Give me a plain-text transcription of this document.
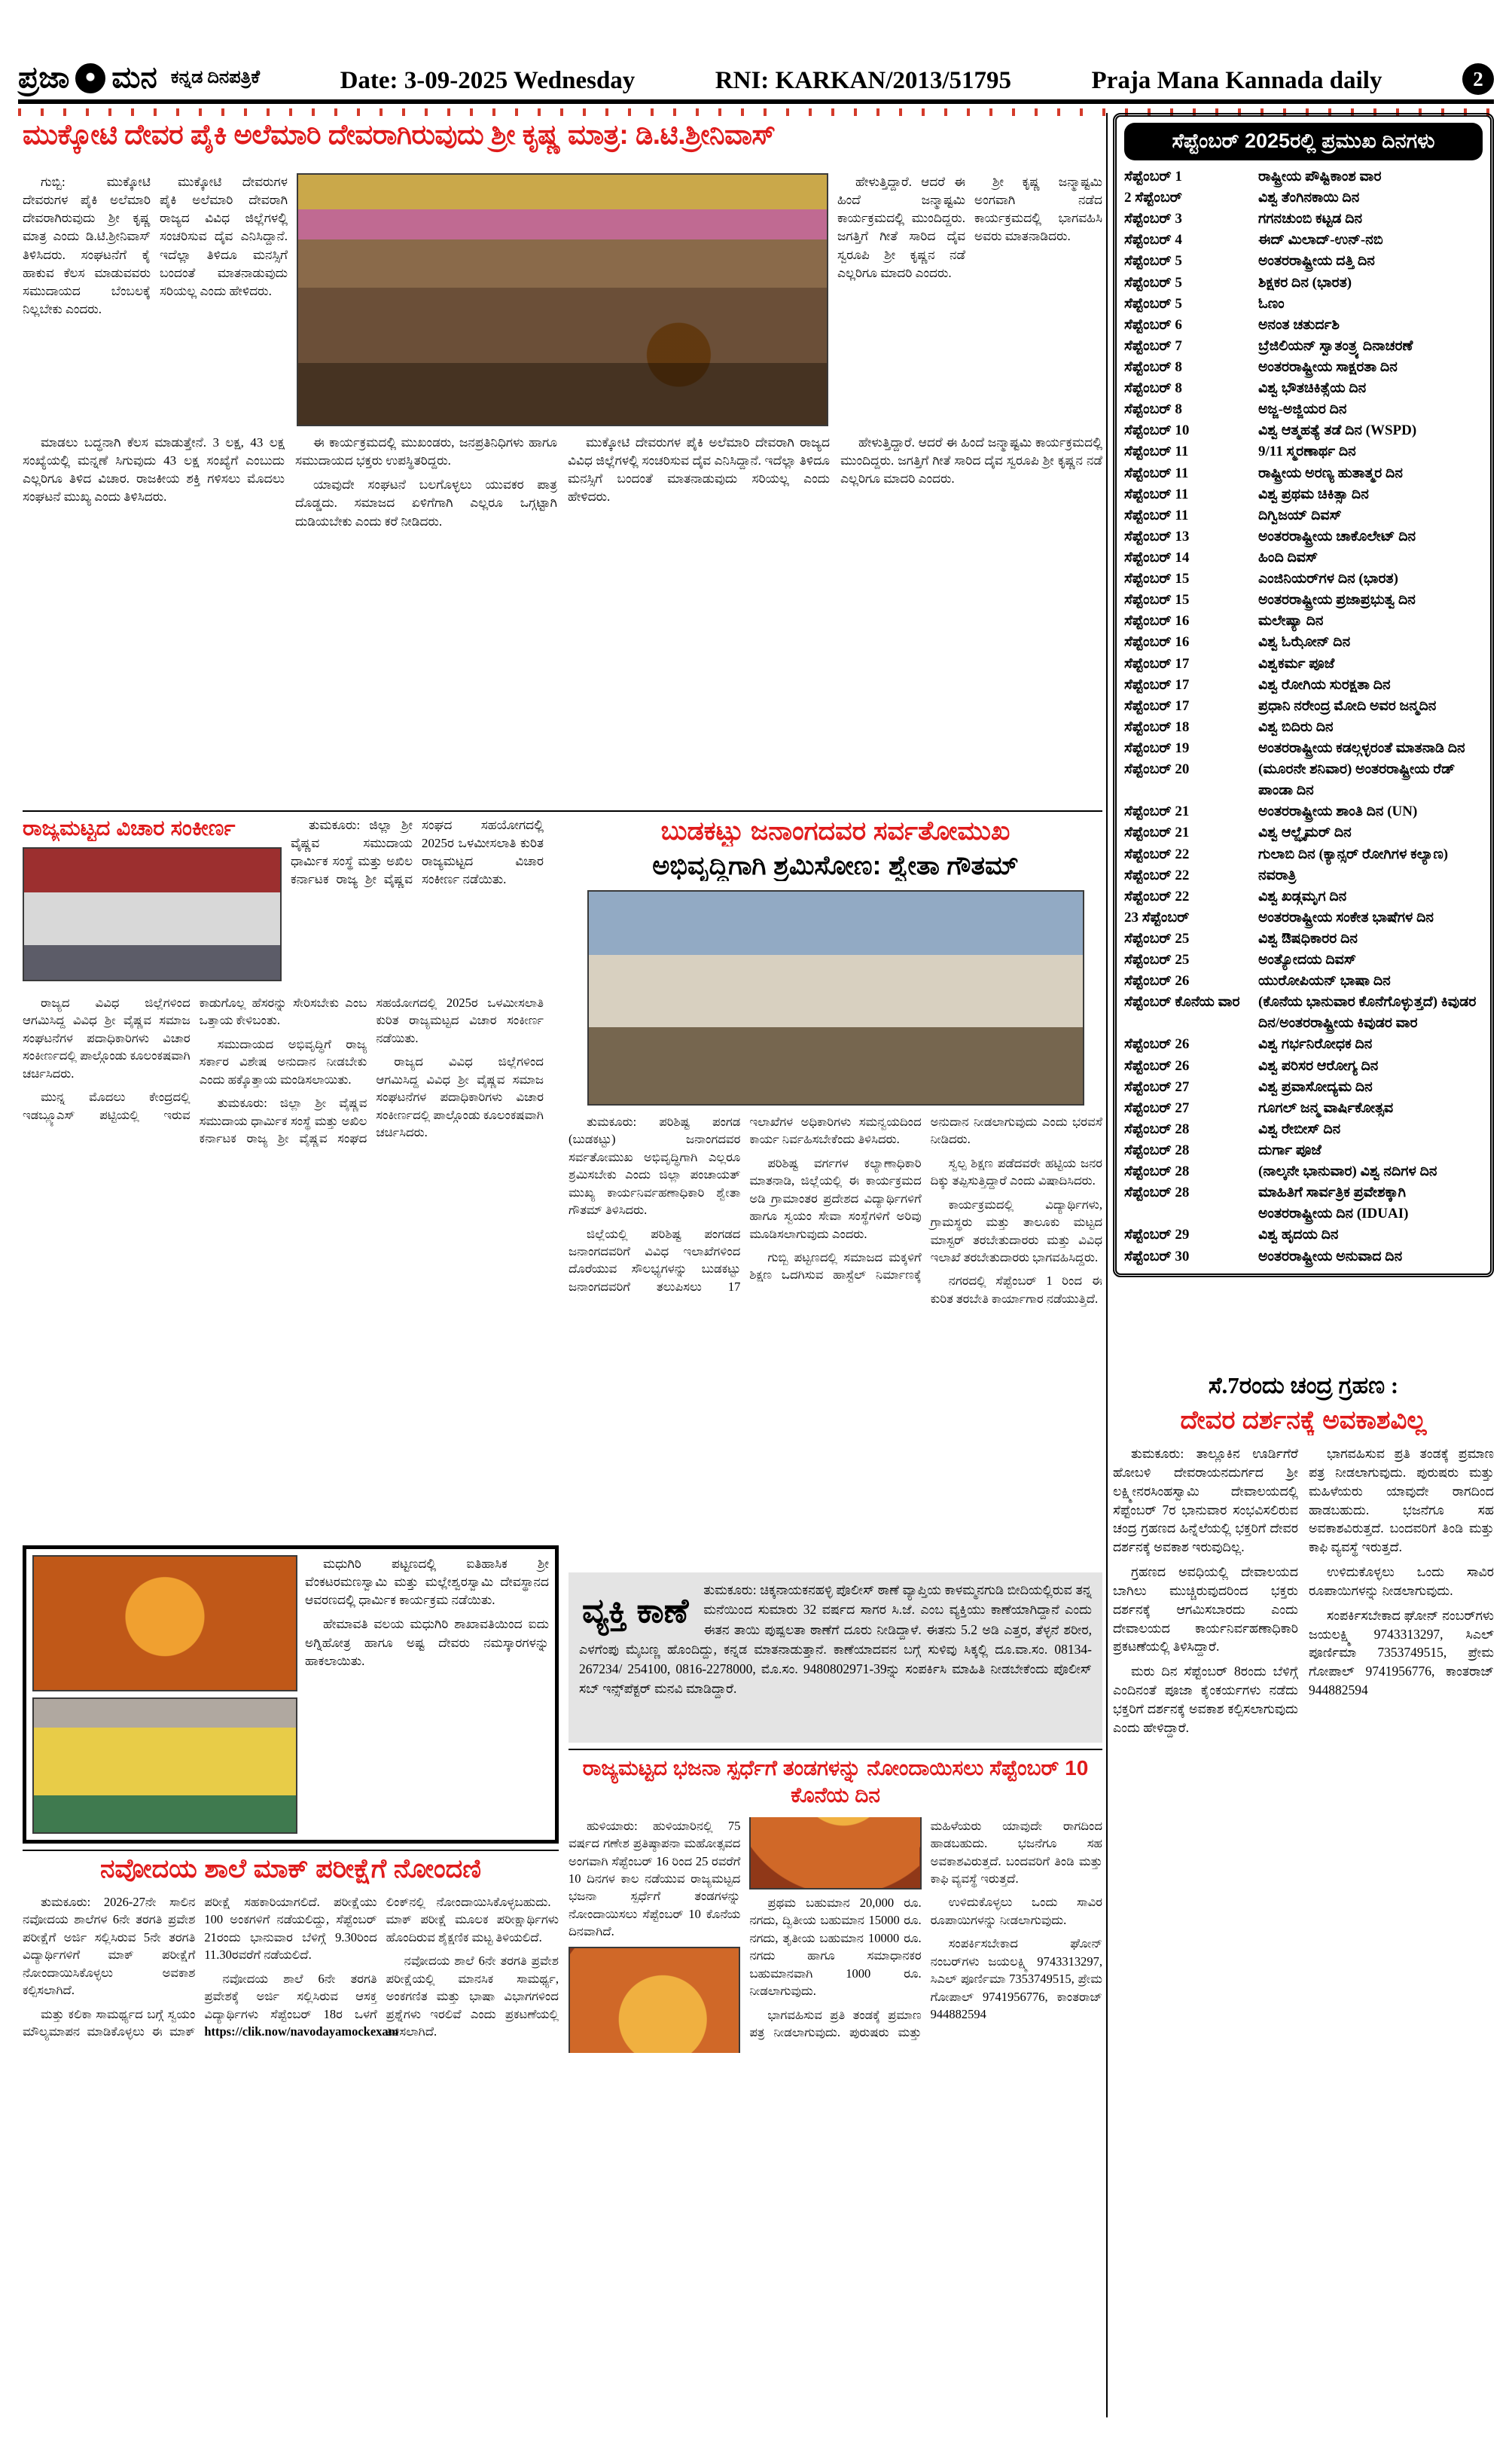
ಪ್ರಜಾ ಮನ ಕನ್ನಡ ದಿನಪತ್ರಿಕೆ	Date: 3-09-2025 Wednesday	RNI: KARKAN/2013/51795	Praja Mana Kannada daily	2
ಮುಕ್ಕೋಟಿ ದೇವರ ಪೈಕಿ ಅಲೆಮಾರಿ ದೇವರಾಗಿರುವುದು ಶ್ರೀ ಕೃಷ್ಣ ಮಾತ್ರ: ಡಿ.ಟಿ.ಶ್ರೀನಿವಾಸ್

ಗುಬ್ಬಿ: ಮುಕ್ಕೋಟಿ ದೇವರುಗಳ ಪೈಕಿ ಅಲೆಮಾರಿ ದೇವರಾಗಿರುವುದು ಶ್ರೀ ಕೃಷ್ಣ ಮಾತ್ರ ಎಂದು ಡಿ.ಟಿ.ಶ್ರೀನಿವಾಸ್ ತಿಳಿಸಿದರು. ಸಂಘಟನೆಗೆ ಕೈ ಹಾಕುವ ಕೆಲಸ ಮಾಡುವವರು ಸಮುದಾಯದ ಬೆಂಬಲಕ್ಕೆ ನಿಲ್ಲಬೇಕು ಎಂದರು.

ಮುಕ್ಕೋಟಿ ದೇವರುಗಳ ಪೈಕಿ ಅಲೆಮಾರಿ ದೇವರಾಗಿ ರಾಜ್ಯದ ವಿವಿಧ ಜಿಲ್ಲೆಗಳಲ್ಲಿ ಸಂಚರಿಸುವ ದೈವ ಎನಿಸಿದ್ದಾನೆ. ಇದೆಲ್ಲಾ ತಿಳಿದೂ ಮನಸ್ಸಿಗೆ ಬಂದಂತೆ ಮಾತನಾಡುವುದು ಸರಿಯಲ್ಲ ಎಂದು ಹೇಳಿದರು.

ಹೇಳುತ್ತಿದ್ದಾರೆ. ಆದರೆ ಈ ಹಿಂದೆ ಜನ್ಮಾಷ್ಟಮಿ ಕಾರ್ಯಕ್ರಮದಲ್ಲಿ ಮುಂದಿದ್ದರು. ಜಗತ್ತಿಗೆ ಗೀತೆ ಸಾರಿದ ದೈವ ಸ್ವರೂಪಿ ಶ್ರೀ ಕೃಷ್ಣನ ನಡೆ ಎಲ್ಲರಿಗೂ ಮಾದರಿ ಎಂದರು.

ಶ್ರೀ ಕೃಷ್ಣ ಜನ್ಮಾಷ್ಟಮಿ ಅಂಗವಾಗಿ ನಡೆದ ಕಾರ್ಯಕ್ರಮದಲ್ಲಿ ಭಾಗವಹಿಸಿ ಅವರು ಮಾತನಾಡಿದರು.

ಮಾಡಲು ಬದ್ಧನಾಗಿ ಕೆಲಸ ಮಾಡುತ್ತೇನೆ. 3 ಲಕ್ಷ, 43 ಲಕ್ಷ ಸಂಖ್ಯೆಯಲ್ಲಿ ಮನ್ನಣೆ ಸಿಗುವುದು 43 ಲಕ್ಷ ಸಂಖ್ಯೆಗೆ ಎಂಬುದು ಎಲ್ಲರಿಗೂ ತಿಳಿದ ವಿಚಾರ. ರಾಜಕೀಯ ಶಕ್ತಿ ಗಳಿಸಲು ಮೊದಲು ಸಂಘಟನೆ ಮುಖ್ಯ ಎಂದು ತಿಳಿಸಿದರು.

ಈ ಕಾರ್ಯಕ್ರಮದಲ್ಲಿ ಮುಖಂಡರು, ಜನಪ್ರತಿನಿಧಿಗಳು ಹಾಗೂ ಸಮುದಾಯದ ಭಕ್ತರು ಉಪಸ್ಥಿತರಿದ್ದರು.

ಯಾವುದೇ ಸಂಘಟನೆ ಬಲಗೊಳ್ಳಲು ಯುವಕರ ಪಾತ್ರ ದೊಡ್ಡದು. ಸಮಾಜದ ಏಳಿಗೆಗಾಗಿ ಎಲ್ಲರೂ ಒಗ್ಗಟ್ಟಾಗಿ ದುಡಿಯಬೇಕು ಎಂದು ಕರೆ ನೀಡಿದರು.

ಮುಕ್ಕೋಟಿ ದೇವರುಗಳ ಪೈಕಿ ಅಲೆಮಾರಿ ದೇವರಾಗಿ ರಾಜ್ಯದ ವಿವಿಧ ಜಿಲ್ಲೆಗಳಲ್ಲಿ ಸಂಚರಿಸುವ ದೈವ ಎನಿಸಿದ್ದಾನೆ. ಇದೆಲ್ಲಾ ತಿಳಿದೂ ಮನಸ್ಸಿಗೆ ಬಂದಂತೆ ಮಾತನಾಡುವುದು ಸರಿಯಲ್ಲ ಎಂದು ಹೇಳಿದರು.

ಹೇಳುತ್ತಿದ್ದಾರೆ. ಆದರೆ ಈ ಹಿಂದೆ ಜನ್ಮಾಷ್ಟಮಿ ಕಾರ್ಯಕ್ರಮದಲ್ಲಿ ಮುಂದಿದ್ದರು. ಜಗತ್ತಿಗೆ ಗೀತೆ ಸಾರಿದ ದೈವ ಸ್ವರೂಪಿ ಶ್ರೀ ಕೃಷ್ಣನ ನಡೆ ಎಲ್ಲರಿಗೂ ಮಾದರಿ ಎಂದರು.

ಸೆಪ್ಟೆಂಬರ್ 2025ರಲ್ಲಿ ಪ್ರಮುಖ ದಿನಗಳು
ಸೆಪ್ಟೆಂಬರ್ 1	ರಾಷ್ಟ್ರೀಯ ಪೌಷ್ಟಿಕಾಂಶ ವಾರ
2 ಸೆಪ್ಟೆಂಬರ್	ವಿಶ್ವ ತೆಂಗಿನಕಾಯಿ ದಿನ
ಸೆಪ್ಟೆಂಬರ್ 3	ಗಗನಚುಂಬಿ ಕಟ್ಟಡ ದಿನ
ಸೆಪ್ಟೆಂಬರ್ 4	ಈದ್ ಮಿಲಾದ್-ಉನ್-ನಬಿ
ಸೆಪ್ಟೆಂಬರ್ 5	ಅಂತರರಾಷ್ಟ್ರೀಯ ದತ್ತಿ ದಿನ
ಸೆಪ್ಟೆಂಬರ್ 5	ಶಿಕ್ಷಕರ ದಿನ (ಭಾರತ)
ಸೆಪ್ಟೆಂಬರ್ 5	ಓಣಂ
ಸೆಪ್ಟೆಂಬರ್ 6	ಅನಂತ ಚತುರ್ದಶಿ
ಸೆಪ್ಟೆಂಬರ್ 7	ಬ್ರೆಜಿಲಿಯನ್ ಸ್ವಾತಂತ್ರ್ಯ ದಿನಾಚರಣೆ
ಸೆಪ್ಟೆಂಬರ್ 8	ಅಂತರರಾಷ್ಟ್ರೀಯ ಸಾಕ್ಷರತಾ ದಿನ
ಸೆಪ್ಟೆಂಬರ್ 8	ವಿಶ್ವ ಭೌತಚಿಕಿತ್ಸೆಯ ದಿನ
ಸೆಪ್ಟೆಂಬರ್ 8	ಅಜ್ಜ-ಅಜ್ಜಿಯರ ದಿನ
ಸೆಪ್ಟೆಂಬರ್ 10	ವಿಶ್ವ ಆತ್ಮಹತ್ಯೆ ತಡೆ ದಿನ (WSPD)
ಸೆಪ್ಟೆಂಬರ್ 11	9/11 ಸ್ಮರಣಾರ್ಥ ದಿನ
ಸೆಪ್ಟೆಂಬರ್ 11	ರಾಷ್ಟ್ರೀಯ ಅರಣ್ಯ ಹುತಾತ್ಮರ ದಿನ
ಸೆಪ್ಟೆಂಬರ್ 11	ವಿಶ್ವ ಪ್ರಥಮ ಚಿಕಿತ್ಸಾ ದಿನ
ಸೆಪ್ಟೆಂಬರ್ 11	ದಿಗ್ವಿಜಯ್ ದಿವಸ್
ಸೆಪ್ಟೆಂಬರ್ 13	ಅಂತರರಾಷ್ಟ್ರೀಯ ಚಾಕೊಲೇಟ್ ದಿನ
ಸೆಪ್ಟೆಂಬರ್ 14	ಹಿಂದಿ ದಿವಸ್
ಸೆಪ್ಟೆಂಬರ್ 15	ಎಂಜಿನಿಯರ್‌ಗಳ ದಿನ (ಭಾರತ)
ಸೆಪ್ಟೆಂಬರ್ 15	ಅಂತರರಾಷ್ಟ್ರೀಯ ಪ್ರಜಾಪ್ರಭುತ್ವ ದಿನ
ಸೆಪ್ಟೆಂಬರ್ 16	ಮಲೇಷ್ಯಾ ದಿನ
ಸೆಪ್ಟೆಂಬರ್ 16	ವಿಶ್ವ ಓಝೋನ್ ದಿನ
ಸೆಪ್ಟೆಂಬರ್ 17	ವಿಶ್ವಕರ್ಮ ಪೂಜೆ
ಸೆಪ್ಟೆಂಬರ್ 17	ವಿಶ್ವ ರೋಗಿಯ ಸುರಕ್ಷತಾ ದಿನ
ಸೆಪ್ಟೆಂಬರ್ 17	ಪ್ರಧಾನಿ ನರೇಂದ್ರ ಮೋದಿ ಅವರ ಜನ್ಮದಿನ
ಸೆಪ್ಟೆಂಬರ್ 18	ವಿಶ್ವ ಬಿದಿರು ದಿನ
ಸೆಪ್ಟೆಂಬರ್ 19	ಅಂತರರಾಷ್ಟ್ರೀಯ ಕಡಲ್ಗಳ್ಳರಂತೆ ಮಾತನಾಡಿ ದಿನ
ಸೆಪ್ಟೆಂಬರ್ 20	(ಮೂರನೇ ಶನಿವಾರ) ಅಂತರರಾಷ್ಟ್ರೀಯ ರೆಡ್ ಪಾಂಡಾ ದಿನ
ಸೆಪ್ಟೆಂಬರ್ 21	ಅಂತರರಾಷ್ಟ್ರೀಯ ಶಾಂತಿ ದಿನ (UN)
ಸೆಪ್ಟೆಂಬರ್ 21	ವಿಶ್ವ ಆಲ್ಝೈಮರ್ ದಿನ
ಸೆಪ್ಟೆಂಬರ್ 22	ಗುಲಾಬಿ ದಿನ (ಕ್ಯಾನ್ಸರ್ ರೋಗಿಗಳ ಕಲ್ಯಾಣ)
ಸೆಪ್ಟೆಂಬರ್ 22	ನವರಾತ್ರಿ
ಸೆಪ್ಟೆಂಬರ್ 22	ವಿಶ್ವ ಖಡ್ಗಮೃಗ ದಿನ
23 ಸೆಪ್ಟೆಂಬರ್	ಅಂತರರಾಷ್ಟ್ರೀಯ ಸಂಕೇತ ಭಾಷೆಗಳ ದಿನ
ಸೆಪ್ಟೆಂಬರ್ 25	ವಿಶ್ವ ಔಷಧಿಕಾರರ ದಿನ
ಸೆಪ್ಟೆಂಬರ್ 25	ಅಂತ್ಯೋದಯ ದಿವಸ್
ಸೆಪ್ಟೆಂಬರ್ 26	ಯುರೋಪಿಯನ್ ಭಾಷಾ ದಿನ
ಸೆಪ್ಟೆಂಬರ್ ಕೊನೆಯ ವಾರ	(ಕೊನೆಯ ಭಾನುವಾರ ಕೊನೆಗೊಳ್ಳುತ್ತದೆ) ಕಿವುಡರ ದಿನ/ಅಂತರರಾಷ್ಟ್ರೀಯ ಕಿವುಡರ ವಾರ
ಸೆಪ್ಟೆಂಬರ್ 26	ವಿಶ್ವ ಗರ್ಭನಿರೋಧಕ ದಿನ
ಸೆಪ್ಟೆಂಬರ್ 26	ವಿಶ್ವ ಪರಿಸರ ಆರೋಗ್ಯ ದಿನ
ಸೆಪ್ಟೆಂಬರ್ 27	ವಿಶ್ವ ಪ್ರವಾಸೋದ್ಯಮ ದಿನ
ಸೆಪ್ಟೆಂಬರ್ 27	ಗೂಗಲ್ ಜನ್ಮ ವಾರ್ಷಿಕೋತ್ಸವ
ಸೆಪ್ಟೆಂಬರ್ 28	ವಿಶ್ವ ರೇಬೀಸ್ ದಿನ
ಸೆಪ್ಟೆಂಬರ್ 28	ದುರ್ಗಾ ಪೂಜೆ
ಸೆಪ್ಟೆಂಬರ್ 28	(ನಾಲ್ಕನೇ ಭಾನುವಾರ) ವಿಶ್ವ ನದಿಗಳ ದಿನ
ಸೆಪ್ಟೆಂಬರ್ 28	ಮಾಹಿತಿಗೆ ಸಾರ್ವತ್ರಿಕ ಪ್ರವೇಶಕ್ಕಾಗಿ ಅಂತರರಾಷ್ಟ್ರೀಯ ದಿನ (IDUAI)
ಸೆಪ್ಟೆಂಬರ್ 29	ವಿಶ್ವ ಹೃದಯ ದಿನ
ಸೆಪ್ಟೆಂಬರ್ 30	ಅಂತರರಾಷ್ಟ್ರೀಯ ಅನುವಾದ ದಿನ
ರಾಜ್ಯಮಟ್ಟದ ವಿಚಾರ ಸಂಕೀರ್ಣ	ತುಮಕೂರು: ಜಿಲ್ಲಾ ಶ್ರೀ ವೈಷ್ಣವ ಸಮುದಾಯ ಧಾರ್ಮಿಕ ಸಂಸ್ಥೆ ಮತ್ತು ಅಖಿಲ ಕರ್ನಾಟಕ ರಾಜ್ಯ ಶ್ರೀ ವೈಷ್ಣವ ಸಂಘದ ಸಹಯೋಗದಲ್ಲಿ 2025ರ ಒಳಮೀಸಲಾತಿ ಕುರಿತ ರಾಜ್ಯಮಟ್ಟದ ವಿಚಾರ ಸಂಕೀರ್ಣ ನಡೆಯಿತು.

ರಾಜ್ಯದ ವಿವಿಧ ಜಿಲ್ಲೆಗಳಿಂದ ಆಗಮಿಸಿದ್ದ ವಿವಿಧ ಶ್ರೀ ವೈಷ್ಣವ ಸಮಾಜ ಸಂಘಟನೆಗಳ ಪದಾಧಿಕಾರಿಗಳು ವಿಚಾರ ಸಂಕೀರ್ಣದಲ್ಲಿ ಪಾಲ್ಗೊಂಡು ಕೂಲಂಕಷವಾಗಿ ಚರ್ಚಿಸಿದರು.

ಮುನ್ನ ಮೊದಲು ಕೇಂದ್ರದಲ್ಲಿ ಇಡಬ್ಲ್ಯೂಎಸ್ ಪಟ್ಟಿಯಲ್ಲಿ ಇರುವ ಕಾಡುಗೊಲ್ಲ ಹೆಸರನ್ನು ಸೇರಿಸಬೇಕು ಎಂಬ ಒತ್ತಾಯ ಕೇಳಿಬಂತು.

ಸಮುದಾಯದ ಅಭಿವೃದ್ಧಿಗೆ ರಾಜ್ಯ ಸರ್ಕಾರ ವಿಶೇಷ ಅನುದಾನ ನೀಡಬೇಕು ಎಂದು ಹಕ್ಕೊತ್ತಾಯ ಮಂಡಿಸಲಾಯಿತು.

ತುಮಕೂರು: ಜಿಲ್ಲಾ ಶ್ರೀ ವೈಷ್ಣವ ಸಮುದಾಯ ಧಾರ್ಮಿಕ ಸಂಸ್ಥೆ ಮತ್ತು ಅಖಿಲ ಕರ್ನಾಟಕ ರಾಜ್ಯ ಶ್ರೀ ವೈಷ್ಣವ ಸಂಘದ ಸಹಯೋಗದಲ್ಲಿ 2025ರ ಒಳಮೀಸಲಾತಿ ಕುರಿತ ರಾಜ್ಯಮಟ್ಟದ ವಿಚಾರ ಸಂಕೀರ್ಣ ನಡೆಯಿತು.

ರಾಜ್ಯದ ವಿವಿಧ ಜಿಲ್ಲೆಗಳಿಂದ ಆಗಮಿಸಿದ್ದ ವಿವಿಧ ಶ್ರೀ ವೈಷ್ಣವ ಸಮಾಜ ಸಂಘಟನೆಗಳ ಪದಾಧಿಕಾರಿಗಳು ವಿಚಾರ ಸಂಕೀರ್ಣದಲ್ಲಿ ಪಾಲ್ಗೊಂಡು ಕೂಲಂಕಷವಾಗಿ ಚರ್ಚಿಸಿದರು.

ಬುಡಕಟ್ಟು ಜನಾಂಗದವರ ಸರ್ವತೋಮುಖ
ಅಭಿವೃದ್ಧಿಗಾಗಿ ಶ್ರಮಿಸೋಣ: ಶ್ವೇತಾ ಗೌತಮ್

ತುಮಕೂರು: ಪರಿಶಿಷ್ಟ ಪಂಗಡ (ಬುಡಕಟ್ಟು) ಜನಾಂಗದವರ ಸರ್ವತೋಮುಖ ಅಭಿವೃದ್ಧಿಗಾಗಿ ಎಲ್ಲರೂ ಶ್ರಮಿಸಬೇಕು ಎಂದು ಜಿಲ್ಲಾ ಪಂಚಾಯತ್ ಮುಖ್ಯ ಕಾರ್ಯನಿರ್ವಹಣಾಧಿಕಾರಿ ಶ್ವೇತಾ ಗೌತಮ್ ತಿಳಿಸಿದರು.

ಜಿಲ್ಲೆಯಲ್ಲಿ ಪರಿಶಿಷ್ಟ ಪಂಗಡದ ಜನಾಂಗದವರಿಗೆ ವಿವಿಧ ಇಲಾಖೆಗಳಿಂದ ದೊರೆಯುವ ಸೌಲಭ್ಯಗಳನ್ನು ಬುಡಕಟ್ಟು ಜನಾಂಗದವರಿಗೆ ತಲುಪಿಸಲು 17 ಇಲಾಖೆಗಳ ಅಧಿಕಾರಿಗಳು ಸಮನ್ವಯದಿಂದ ಕಾರ್ಯ ನಿರ್ವಹಿಸಬೇಕೆಂದು ತಿಳಿಸಿದರು.

ಪರಿಶಿಷ್ಟ ವರ್ಗಗಳ ಕಲ್ಯಾಣಾಧಿಕಾರಿ ಮಾತನಾಡಿ, ಜಿಲ್ಲೆಯಲ್ಲಿ ಈ ಕಾರ್ಯಕ್ರಮದ ಅಡಿ ಗ್ರಾಮಾಂತರ ಪ್ರದೇಶದ ವಿದ್ಯಾರ್ಥಿಗಳಿಗೆ ಹಾಗೂ ಸ್ವಯಂ ಸೇವಾ ಸಂಸ್ಥೆಗಳಿಗೆ ಅರಿವು ಮೂಡಿಸಲಾಗುವುದು ಎಂದರು.

ಗುಬ್ಬಿ ಪಟ್ಟಣದಲ್ಲಿ ಸಮಾಜದ ಮಕ್ಕಳಿಗೆ ಶಿಕ್ಷಣ ಒದಗಿಸುವ ಹಾಸ್ಟೆಲ್ ನಿರ್ಮಾಣಕ್ಕೆ ಅನುದಾನ ನೀಡಲಾಗುವುದು ಎಂದು ಭರವಸೆ ನೀಡಿದರು.

ಸ್ವಲ್ಪ ಶಿಕ್ಷಣ ಪಡೆದವರೇ ಹಟ್ಟಿಯ ಜನರ ದಿಕ್ಕು ತಪ್ಪಿಸುತ್ತಿದ್ದಾರೆ ಎಂದು ವಿಷಾದಿಸಿದರು.

ಕಾರ್ಯಕ್ರಮದಲ್ಲಿ ವಿದ್ಯಾರ್ಥಿಗಳು, ಗ್ರಾಮಸ್ಥರು ಮತ್ತು ತಾಲೂಕು ಮಟ್ಟದ ಮಾಸ್ಟರ್ ತರಬೇತುದಾರರು ಮತ್ತು ವಿವಿಧ ಇಲಾಖೆ ತರಬೇತುದಾರರು ಭಾಗವಹಿಸಿದ್ದರು.

ನಗರದಲ್ಲಿ ಸೆಪ್ಟೆಂಬರ್ 1 ರಿಂದ ಈ ಕುರಿತ ತರಬೇತಿ ಕಾರ್ಯಾಗಾರ ನಡೆಯುತ್ತಿದೆ.

ಮಧುಗಿರಿ ಪಟ್ಟಣದಲ್ಲಿ ಐತಿಹಾಸಿಕ ಶ್ರೀ ವೆಂಕಟರಮಣಸ್ವಾಮಿ ಮತ್ತು ಮಲ್ಲೇಶ್ವರಸ್ವಾಮಿ ದೇವಸ್ಥಾನದ ಆವರಣದಲ್ಲಿ ಧಾರ್ಮಿಕ ಕಾರ್ಯಕ್ರಮ ನಡೆಯಿತು.

ಹೇಮಾವತಿ ವಲಯ ಮಧುಗಿರಿ ಶಾಖಾವತಿಯಿಂದ ಐದು ಅಗ್ನಿಹೋತ್ರ ಹಾಗೂ ಅಷ್ಟ ದೇವರು ನಮಸ್ಕಾರಗಳನ್ನು ಹಾಕಲಾಯಿತು.

ವ್ಯಕ್ತಿ ಕಾಣೆ
ತುಮಕೂರು: ಚಿಕ್ಕನಾಯಕನಹಳ್ಳಿ ಪೊಲೀಸ್ ಠಾಣೆ ವ್ಯಾಪ್ತಿಯ ಕಾಳಮ್ಮನಗುಡಿ ಬೀದಿಯಲ್ಲಿರುವ ತನ್ನ ಮನೆಯಿಂದ ಸುಮಾರು 32 ವರ್ಷದ ಸಾಗರ ಸಿ.ಜೆ. ಎಂಬ ವ್ಯಕ್ತಿಯು ಕಾಣೆಯಾಗಿದ್ದಾನೆ ಎಂದು ಈತನ ತಾಯಿ ಪುಷ್ಪಲತಾ ಠಾಣೆಗೆ ದೂರು ನೀಡಿದ್ದಾಳೆ. ಈತನು 5.2 ಅಡಿ ಎತ್ತರ, ತೆಳ್ಳನೆ ಶರೀರ, ಎಳಗೆಂಪು ಮೈಬಣ್ಣ ಹೊಂದಿದ್ದು, ಕನ್ನಡ ಮಾತನಾಡುತ್ತಾನೆ. ಕಾಣೆಯಾದವನ ಬಗ್ಗೆ ಸುಳಿವು ಸಿಕ್ಕಲ್ಲಿ ದೂ.ವಾ.ಸಂ. 08134-267234/ 254100, 0816-2278000, ಮೊ.ಸಂ. 9480802971-39ನ್ನು ಸಂಪರ್ಕಿಸಿ ಮಾಹಿತಿ ನೀಡಬೇಕೆಂದು ಪೊಲೀಸ್ ಸಬ್ ಇನ್ಸ್‌ಪೆಕ್ಟರ್ ಮನವಿ ಮಾಡಿದ್ದಾರೆ.
ರಾಜ್ಯಮಟ್ಟದ ಭಜನಾ ಸ್ಪರ್ಧೆಗೆ ತಂಡಗಳನ್ನು ನೋಂದಾಯಿಸಲು ಸೆಪ್ಟೆಂಬರ್ 10 ಕೊನೆಯ ದಿನ

ಹುಳಿಯಾರು: ಹುಳಿಯಾರಿನಲ್ಲಿ 75 ವರ್ಷದ ಗಣೇಶ ಪ್ರತಿಷ್ಠಾಪನಾ ಮಹೋತ್ಸವದ ಅಂಗವಾಗಿ ಸೆಪ್ಟೆಂಬರ್ 16 ರಿಂದ 25 ರವರೆಗೆ 10 ದಿನಗಳ ಕಾಲ ನಡೆಯುವ ರಾಜ್ಯಮಟ್ಟದ ಭಜನಾ ಸ್ಪರ್ಧೆಗೆ ತಂಡಗಳನ್ನು ನೋಂದಾಯಿಸಲು ಸೆಪ್ಟೆಂಬರ್ 10 ಕೊನೆಯ ದಿನವಾಗಿದೆ.

ಪ್ರಥಮ ಬಹುಮಾನ 20,000 ರೂ. ನಗದು, ದ್ವಿತೀಯ ಬಹುಮಾನ 15000 ರೂ. ನಗದು, ತೃತೀಯ ಬಹುಮಾನ 10000 ರೂ. ನಗದು ಹಾಗೂ ಸಮಾಧಾನಕರ ಬಹುಮಾನವಾಗಿ 1000 ರೂ. ನೀಡಲಾಗುವುದು.

ಭಾಗವಹಿಸುವ ಪ್ರತಿ ತಂಡಕ್ಕೆ ಪ್ರಮಾಣ ಪತ್ರ ನೀಡಲಾಗುವುದು. ಪುರುಷರು ಮತ್ತು ಮಹಿಳೆಯರು ಯಾವುದೇ ರಾಗದಿಂದ ಹಾಡಬಹುದು. ಭಜನೆಗೂ ಸಹ ಅವಕಾಶವಿರುತ್ತದೆ. ಬಂದವರಿಗೆ ತಿಂಡಿ ಮತ್ತು ಕಾಫಿ ವ್ಯವಸ್ಥೆ ಇರುತ್ತದೆ.

ಉಳಿದುಕೊಳ್ಳಲು ಒಂದು ಸಾವಿರ ರೂಪಾಯಿಗಳನ್ನು ನೀಡಲಾಗುವುದು.

ಸಂಪರ್ಕಿಸಬೇಕಾದ ಘೋನ್ ನಂಬರ್‌ಗಳು ಜಯಲಕ್ಷ್ಮಿ 9743313297, ಸಿಎಲ್ ಪೂರ್ಣಿಮಾ 7353749515, ಪ್ರೇಮ ಗೋಪಾಲ್ 9741956776, ಕಾಂತರಾಜ್ 944882594

ನವೋದಯ ಶಾಲೆ ಮಾಕ್ ಪರೀಕ್ಷೆಗೆ ನೋಂದಣಿ

ತುಮಕೂರು: 2026-27ನೇ ಸಾಲಿನ ನವೋದಯ ಶಾಲೆಗಳ 6ನೇ ತರಗತಿ ಪ್ರವೇಶ ಪರೀಕ್ಷೆಗೆ ಅರ್ಜಿ ಸಲ್ಲಿಸಿರುವ 5ನೇ ತರಗತಿ ವಿದ್ಯಾರ್ಥಿಗಳಿಗೆ ಮಾಕ್ ಪರೀಕ್ಷೆಗೆ ನೋಂದಾಯಿಸಿಕೊಳ್ಳಲು ಅವಕಾಶ ಕಲ್ಪಿಸಲಾಗಿದೆ.

ಮತ್ತು ಕಲಿಕಾ ಸಾಮರ್ಥ್ಯದ ಬಗ್ಗೆ ಸ್ವಯಂ ಮೌಲ್ಯಮಾಪನ ಮಾಡಿಕೊಳ್ಳಲು ಈ ಮಾಕ್ ಪರೀಕ್ಷೆ ಸಹಕಾರಿಯಾಗಲಿದೆ. ಪರೀಕ್ಷೆಯು 100 ಅಂಕಗಳಿಗೆ ನಡೆಯಲಿದ್ದು, ಸೆಪ್ಟೆಂಬರ್ 21ರಂದು ಭಾನುವಾರ ಬೆಳಿಗ್ಗೆ 9.30ರಿಂದ 11.30ರವರೆಗೆ ನಡೆಯಲಿದೆ.

ನವೋದಯ ಶಾಲೆ 6ನೇ ತರಗತಿ ಪ್ರವೇಶಕ್ಕೆ ಅರ್ಜಿ ಸಲ್ಲಿಸಿರುವ ಆಸಕ್ತ ವಿದ್ಯಾರ್ಥಿಗಳು ಸೆಪ್ಟೆಂಬರ್ 18ರ ಒಳಗೆ https://clik.now/navodayamockexam ಲಿಂಕ್‌ನಲ್ಲಿ ನೋಂದಾಯಿಸಿಕೊಳ್ಳಬಹುದು. ಮಾಕ್ ಪರೀಕ್ಷೆ ಮೂಲಕ ಪರೀಕ್ಷಾರ್ಥಿಗಳು ಹೊಂದಿರುವ ಶೈಕ್ಷಣಿಕ ಮಟ್ಟ ತಿಳಿಯಲಿದೆ.

ನವೋದಯ ಶಾಲೆ 6ನೇ ತರಗತಿ ಪ್ರವೇಶ ಪರೀಕ್ಷೆಯಲ್ಲಿ ಮಾನಸಿಕ ಸಾಮರ್ಥ್ಯ, ಅಂಕಗಣಿತ ಮತ್ತು ಭಾಷಾ ವಿಭಾಗಗಳಿಂದ ಪ್ರಶ್ನೆಗಳು ಇರಲಿವೆ ಎಂದು ಪ್ರಕಟಣೆಯಲ್ಲಿ ತಿಳಿಸಲಾಗಿದೆ.

ಸೆ.7ರಂದು ಚಂದ್ರ ಗ್ರಹಣ :
ದೇವರ ದರ್ಶನಕ್ಕೆ ಅವಕಾಶವಿಲ್ಲ

ತುಮಕೂರು: ತಾಲ್ಲೂಕಿನ ಊರ್ಡಿಗೆರೆ ಹೋಬಳಿ ದೇವರಾಯನದುರ್ಗದ ಶ್ರೀ ಲಕ್ಷ್ಮೀನರಸಿಂಹಸ್ವಾಮಿ ದೇವಾಲಯದಲ್ಲಿ ಸೆಪ್ಟೆಂಬರ್ 7ರ ಭಾನುವಾರ ಸಂಭವಿಸಲಿರುವ ಚಂದ್ರ ಗ್ರಹಣದ ಹಿನ್ನೆಲೆಯಲ್ಲಿ ಭಕ್ತರಿಗೆ ದೇವರ ದರ್ಶನಕ್ಕೆ ಅವಕಾಶ ಇರುವುದಿಲ್ಲ.

ಗ್ರಹಣದ ಅವಧಿಯಲ್ಲಿ ದೇವಾಲಯದ ಬಾಗಿಲು ಮುಚ್ಚಿರುವುದರಿಂದ ಭಕ್ತರು ದರ್ಶನಕ್ಕೆ ಆಗಮಿಸಬಾರದು ಎಂದು ದೇವಾಲಯದ ಕಾರ್ಯನಿರ್ವಹಣಾಧಿಕಾರಿ ಪ್ರಕಟಣೆಯಲ್ಲಿ ತಿಳಿಸಿದ್ದಾರೆ.

ಮರು ದಿನ ಸೆಪ್ಟೆಂಬರ್ 8ರಂದು ಬೆಳಿಗ್ಗೆ ಎಂದಿನಂತೆ ಪೂಜಾ ಕೈಂಕರ್ಯಗಳು ನಡೆದು ಭಕ್ತರಿಗೆ ದರ್ಶನಕ್ಕೆ ಅವಕಾಶ ಕಲ್ಪಿಸಲಾಗುವುದು ಎಂದು ಹೇಳಿದ್ದಾರೆ.

ಭಾಗವಹಿಸುವ ಪ್ರತಿ ತಂಡಕ್ಕೆ ಪ್ರಮಾಣ ಪತ್ರ ನೀಡಲಾಗುವುದು. ಪುರುಷರು ಮತ್ತು ಮಹಿಳೆಯರು ಯಾವುದೇ ರಾಗದಿಂದ ಹಾಡಬಹುದು. ಭಜನೆಗೂ ಸಹ ಅವಕಾಶವಿರುತ್ತದೆ. ಬಂದವರಿಗೆ ತಿಂಡಿ ಮತ್ತು ಕಾಫಿ ವ್ಯವಸ್ಥೆ ಇರುತ್ತದೆ.

ಉಳಿದುಕೊಳ್ಳಲು ಒಂದು ಸಾವಿರ ರೂಪಾಯಿಗಳನ್ನು ನೀಡಲಾಗುವುದು.

ಸಂಪರ್ಕಿಸಬೇಕಾದ ಘೋನ್ ನಂಬರ್‌ಗಳು ಜಯಲಕ್ಷ್ಮಿ 9743313297, ಸಿಎಲ್ ಪೂರ್ಣಿಮಾ 7353749515, ಪ್ರೇಮ ಗೋಪಾಲ್ 9741956776, ಕಾಂತರಾಜ್ 944882594
